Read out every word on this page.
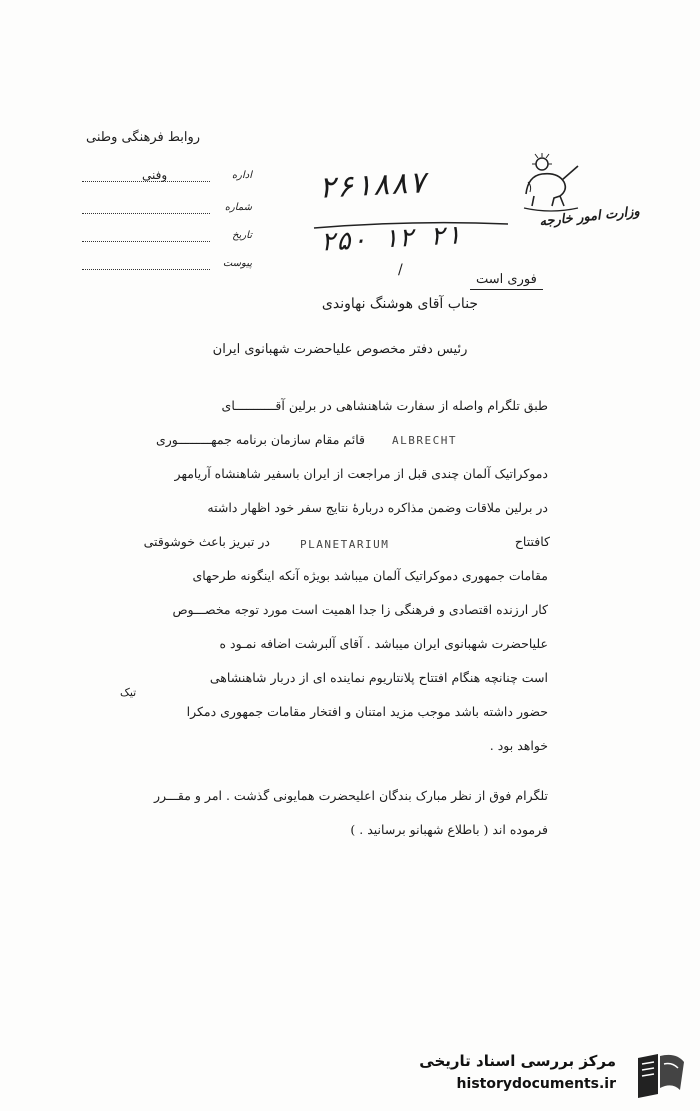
روابط فرهنگی وطنی
اداره
وفنی
شماره
تاریخ
پیوست
۲۶۱۸۸۷
۲۵۰ ۱۲ ۲۱
/
وزارت امور خارجه
فوری است
جناب آقای هوشنگ نهاوندی
رئیس دفتر مخصوص علیاحضرت شهبانوی ایران
طبق تلگرام واصله از سفارت شاهنشاهی در برلین آقـــــــــــای
قائم مقام سازمان برنامه جمهـــــــــوری ALBRECHT
دموکراتیک آلمان چندی قبل از مراجعت از ایران باسفیر شاهنشاه آریامهر
در برلین ملاقات وضمن مذاکره دربارۀ نتایج سفر خود اظهار داشته
کافتتاح
PLANETARIUM
در تبریز باعث خوشوقتی
مقامات جمهوری دموکراتیک آلمان میباشد بویژه آنکه اینگونه طرحهای
کار ارزنده اقتصادی و فرهنگی زا جدا اهمیت است مورد توجه مخصـــوص
علیاحضرت شهبانوی ایران میباشد . آقای آلبرشت اضافه نمـود ه
است چنانچه هنگام افتتاح پلانتاریوم نماینده ای از دربار شاهنشاهی
تیک
حضور داشته باشد موجب مزید امتنان و افتخار مقامات جمهوری دمکرا
خواهد بود .
تلگرام فوق از نظر مبارک بندگان اعلیحضرت همایونی گذشت . امر و مقـــرر
فرموده اند ( باطلاع شهبانو برسانید . )
مرکز بررسی اسناد تاریخی
historydocuments.ir
